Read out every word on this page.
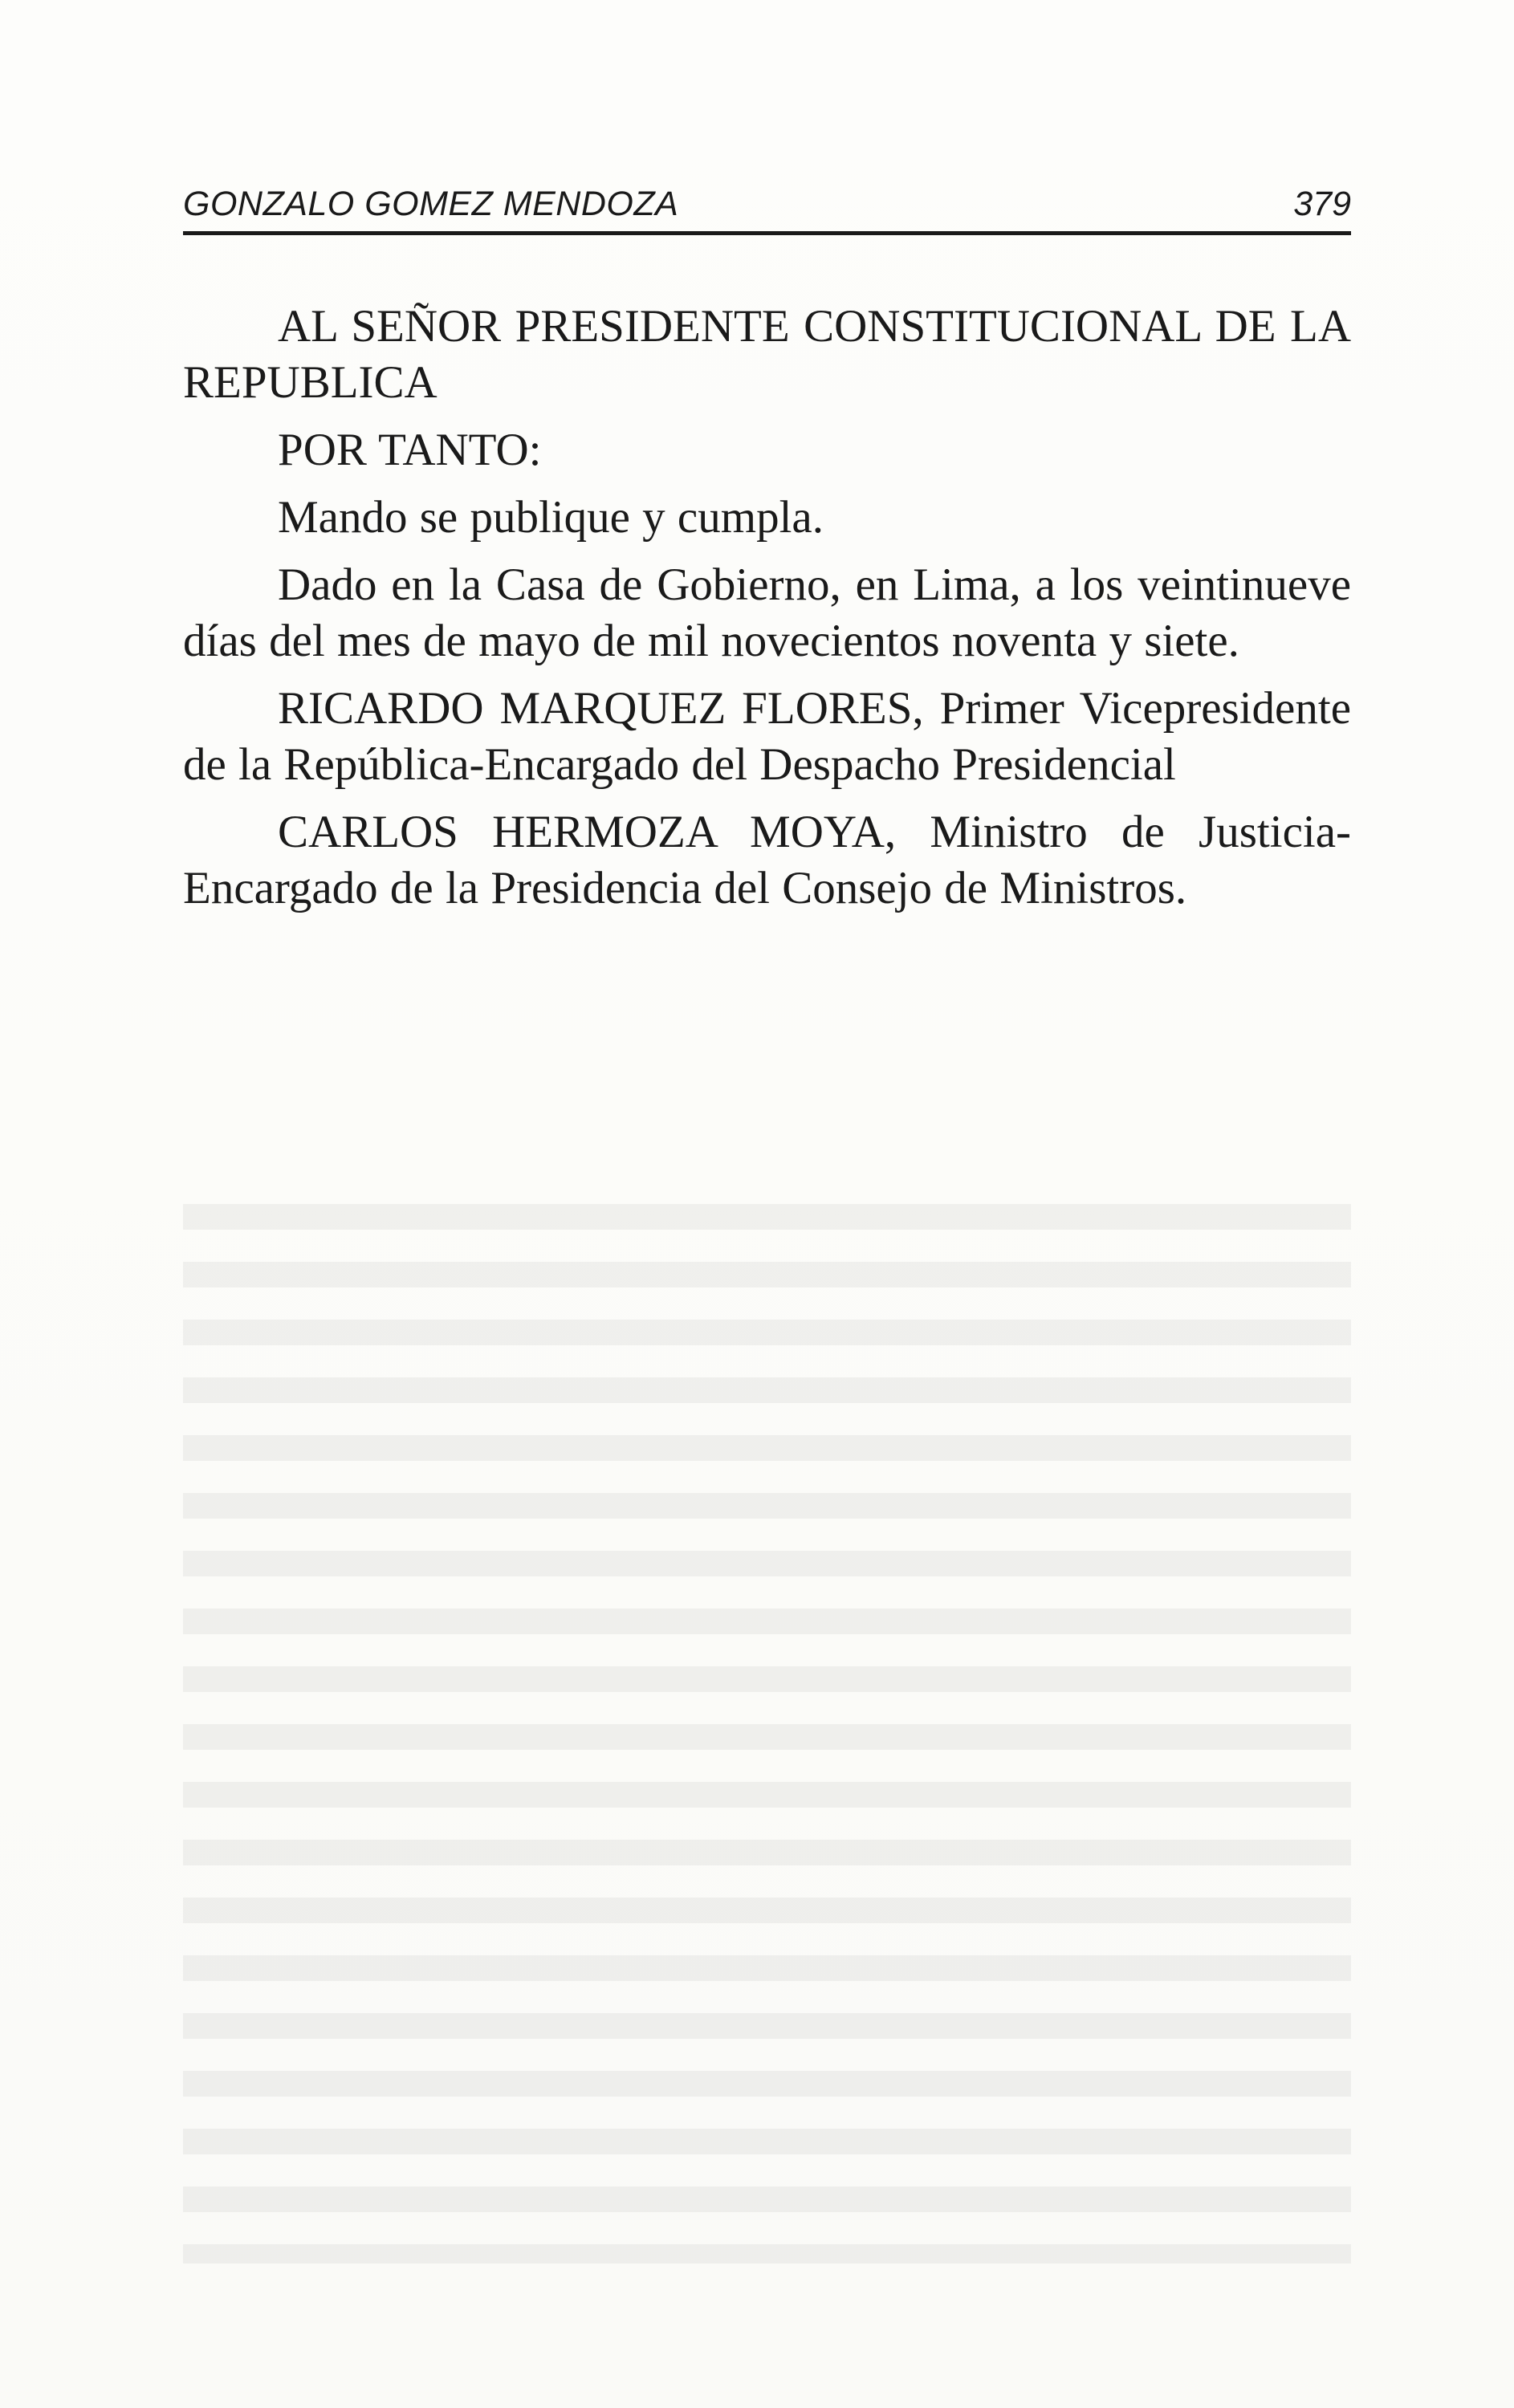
GONZALO GOMEZ MENDOZA	379

AL SEÑOR PRESIDENTE CONSTITUCIONAL DE LA REPUBLICA

POR TANTO:

Mando se publique y cumpla.

Dado en la Casa de Gobierno, en Lima, a los veintinueve días del mes de mayo de mil novecientos noventa y siete.

RICARDO MARQUEZ FLORES, Primer Vicepresidente de la República-Encargado del Despacho Presidencial

CARLOS HERMOZA MOYA, Ministro de Justicia-Encargado de la Presidencia del Consejo de Ministros.
